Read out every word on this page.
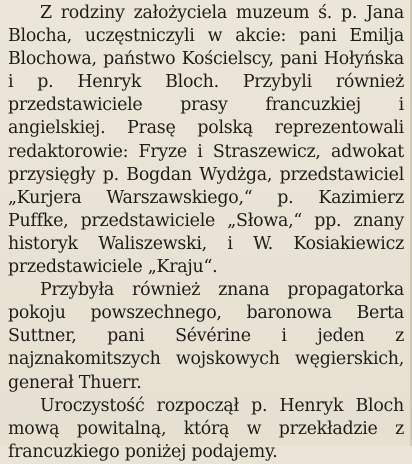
Z rodziny założyciela muzeum ś. p. Jana Blocha, uczęstniczyli w akcie: pani Emilja Blochowa, państwo Kościelscy, pani Hołyńska i p. Henryk Bloch. Przybyli również przedstawiciele prasy francuzkiej i angielskiej. Prasę polską reprezentowali redaktorowie: Fryze i Straszewicz, adwokat przysięgły p. Bogdan Wydżga, przedstawiciel „Kurjera Warszawskiego,“ p. Kazimierz Puffke, przedstawiciele „Słowa,“ pp. znany historyk Waliszewski, i W. Kosiakiewicz przedstawiciele „Kraju“.

Przybyła również znana propagatorka pokoju powszechnego, baronowa Berta Suttner, pani Sévérine i jeden z najznakomitszych wojskowych węgierskich, generał Thuerr.

Uroczystość rozpoczął p. Henryk Bloch mową powitalną, którą w przekładzie z francuzkiego poniżej podajemy.
